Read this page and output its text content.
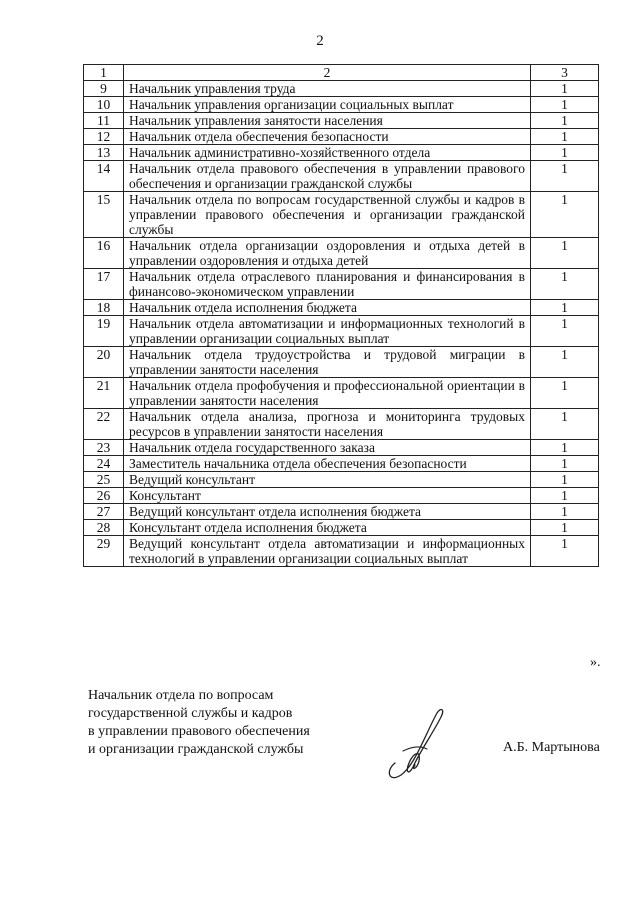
2
1	2	3
9	Начальник управления труда	1
10	Начальник управления организации социальных выплат	1
11	Начальник управления занятости населения	1
12	Начальник отдела обеспечения безопасности	1
13	Начальник административно-хозяйственного отдела	1
14	Начальник отдела правового обеспечения в управлении правового обеспечения и организации гражданской службы	1
15	Начальник отдела по вопросам государственной службы и кадров в управлении правового обеспечения и организации гражданской службы	1
16	Начальник отдела организации оздоровления и отдыха детей в управлении оздоровления и отдыха детей	1
17	Начальник отдела отраслевого планирования и финансирования в финансово-экономическом управлении	1
18	Начальник отдела исполнения бюджета	1
19	Начальник отдела автоматизации и информационных технологий в управлении организации социальных выплат	1
20	Начальник отдела трудоустройства и трудовой миграции в управлении занятости населения	1
21	Начальник отдела профобучения и профессиональной ориентации в управлении занятости населения	1
22	Начальник отдела анализа, прогноза и мониторинга трудовых ресурсов в управлении занятости населения	1
23	Начальник отдела государственного заказа	1
24	Заместитель начальника отдела обеспечения безопасности	1
25	Ведущий консультант	1
26	Консультант	1
27	Ведущий консультант отдела исполнения бюджета	1
28	Консультант отдела исполнения бюджета	1
29	Ведущий консультант отдела автоматизации и информационных технологий в управлении организации социальных выплат	1
».
Начальник отдела по вопросам
государственной службы и кадров
в управлении правового обеспечения
и организации гражданской службы	А.Б. Мартынова
